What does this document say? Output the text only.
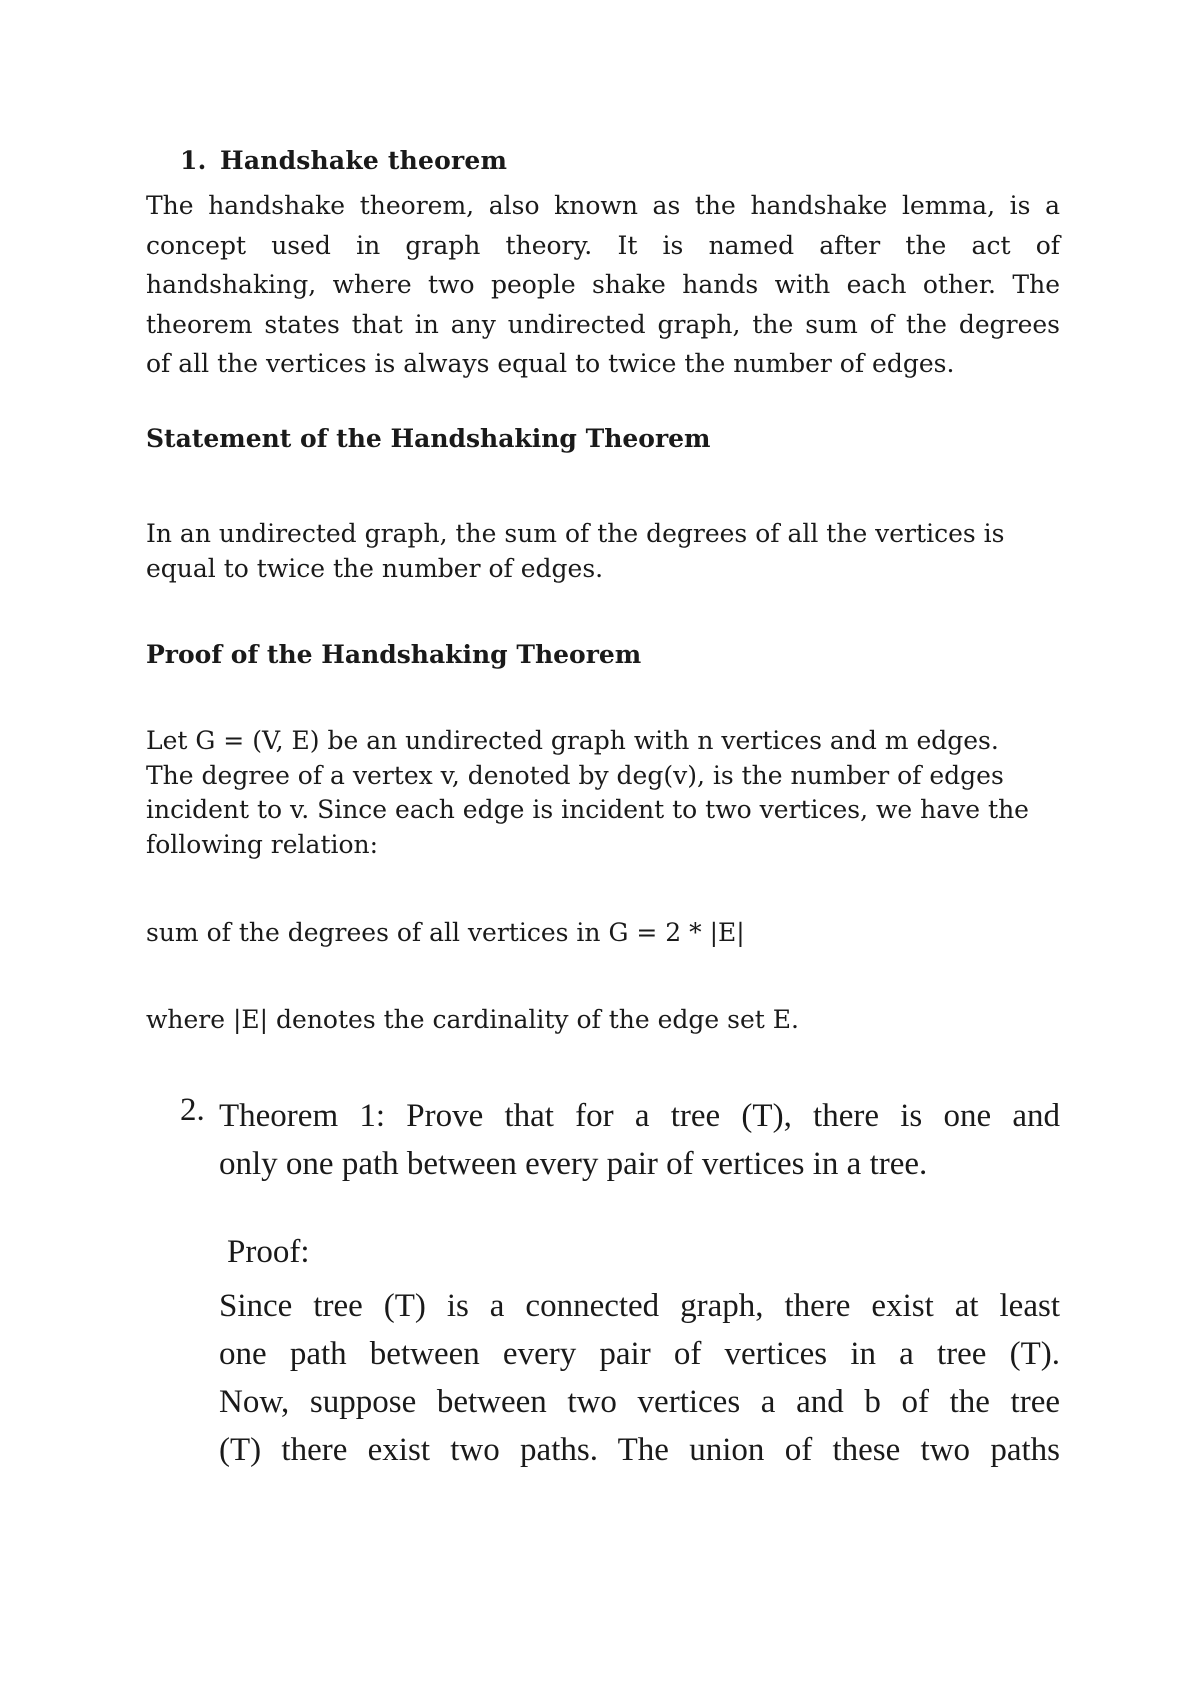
1. Handshake theorem
The handshake theorem, also known as the handshake lemma, is a
concept used in graph theory. It is named after the act of
handshaking, where two people shake hands with each other. The
theorem states that in any undirected graph, the sum of the degrees
of all the vertices is always equal to twice the number of edges.
Statement of the Handshaking Theorem
In an undirected graph, the sum of the degrees of all the vertices is
equal to twice the number of edges.
Proof of the Handshaking Theorem
Let G = (V, E) be an undirected graph with n vertices and m edges.
The degree of a vertex v, denoted by deg(v), is the number of edges
incident to v. Since each edge is incident to two vertices, we have the
following relation:
sum of the degrees of all vertices in G = 2 * |E|
where |E| denotes the cardinality of the edge set E.
2. Theorem 1: Prove that for a tree (T), there is one and
only one path between every pair of vertices in a tree.
Proof:
Since tree (T) is a connected graph, there exist at least
one path between every pair of vertices in a tree (T).
Now, suppose between two vertices a and b of the tree
(T) there exist two paths. The union of these two paths
